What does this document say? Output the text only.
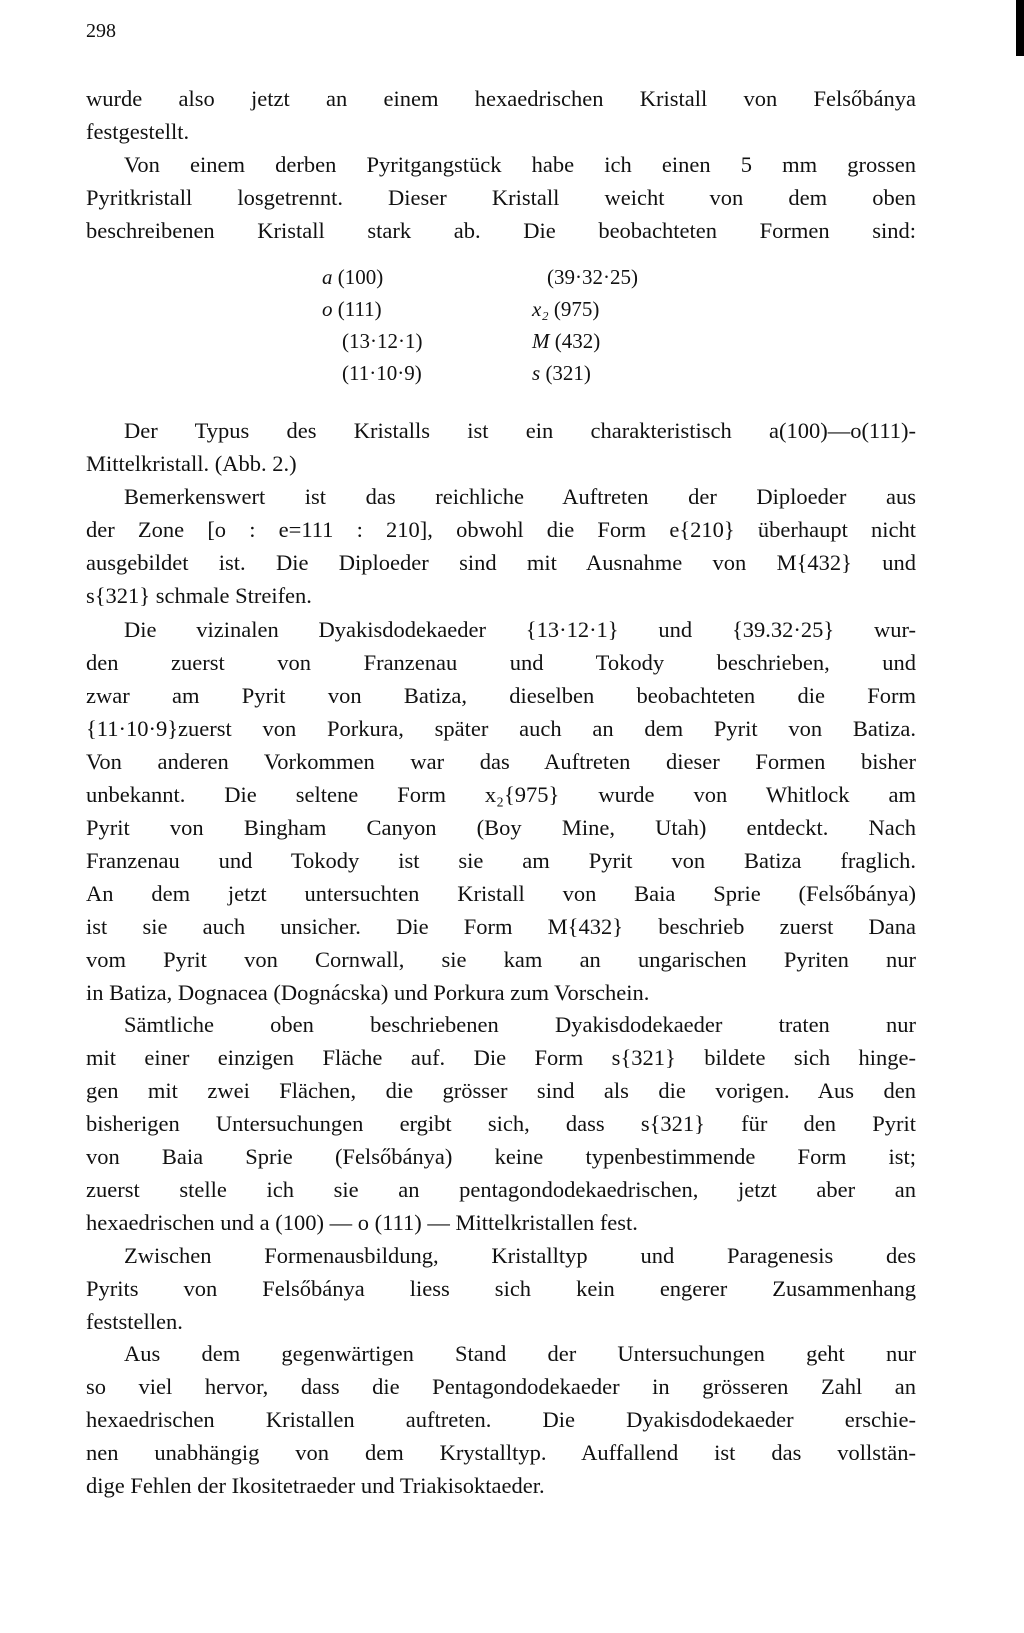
298
wurde also jetzt an einem hexaedrischen Kristall von Felsőbánya
festgestellt.
Von einem derben Pyritgangstück habe ich einen 5 mm grossen
Pyritkristall losgetrennt. Dieser Kristall weicht von dem oben
beschreibenen Kristall stark ab. Die beobachteten Formen sind:
a (100)
o (111)
(13·12·1)
(11·10·9)
(39·32·25)
x₂ (975)
M (432)
s (321)
Der Typus des Kristalls ist ein charakteristisch a(100)—o(111)-
Mittelkristall. (Abb. 2.)
Bemerkenswert ist das reichliche Auftreten der Diploeder aus
der Zone [o : e=111 : 210], obwohl die Form e{210} überhaupt nicht
ausgebildet ist. Die Diploeder sind mit Ausnahme von M{432} und
s{321} schmale Streifen.
Die vizinalen Dyakisdodekaeder {13·12·1} und {39.32·25} wur-
den zuerst von Franzenau und Tokody beschrieben, und
zwar am Pyrit von Batiza, dieselben beobachteten die Form
{11·10·9}zuerst von Porkura, später auch an dem Pyrit von Batiza.
Von anderen Vorkommen war das Auftreten dieser Formen bisher
unbekannt. Die seltene Form x₂{975} wurde von Whitlock am
Pyrit von Bingham Canyon (Boy Mine, Utah) entdeckt. Nach
Franzenau und Tokody ist sie am Pyrit von Batiza fraglich.
An dem jetzt untersuchten Kristall von Baia Sprie (Felsőbánya)
ist sie auch unsicher. Die Form M{432} beschrieb zuerst Dana
vom Pyrit von Cornwall, sie kam an ungarischen Pyriten nur
in Batiza, Dognacea (Dognácska) und Porkura zum Vorschein.
Sämtliche oben beschriebenen Dyakisdodekaeder traten nur
mit einer einzigen Fläche auf. Die Form s{321} bildete sich hinge-
gen mit zwei Flächen, die grösser sind als die vorigen. Aus den
bisherigen Untersuchungen ergibt sich, dass s{321} für den Pyrit
von Baia Sprie (Felsőbánya) keine typenbestimmende Form ist;
zuerst stelle ich sie an pentagondodekaedrischen, jetzt aber an
hexaedrischen und a (100) — o (111) — Mittelkristallen fest.
Zwischen Formenausbildung, Kristalltyp und Paragenesis des
Pyrits von Felsőbánya liess sich kein engerer Zusammenhang
feststellen.
Aus dem gegenwärtigen Stand der Untersuchungen geht nur
so viel hervor, dass die Pentagondodekaeder in grösseren Zahl an
hexaedrischen Kristallen auftreten. Die Dyakisdodekaeder erschie-
nen unabhängig von dem Krystalltyp. Auffallend ist das vollstän-
dige Fehlen der Ikositetraeder und Triakisoktaeder.
